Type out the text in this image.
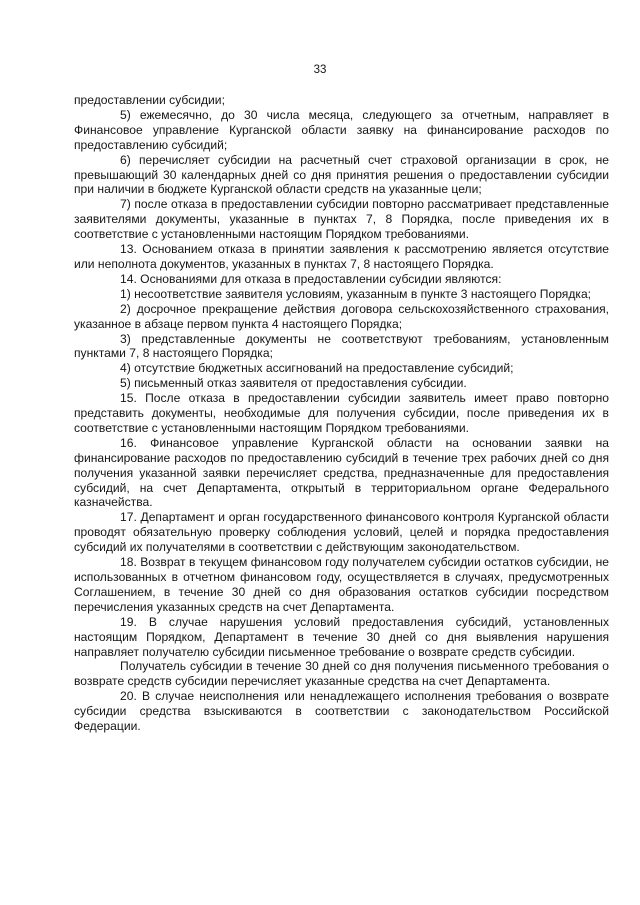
33

предоставлении субсидии;

5) ежемесячно, до 30 числа месяца, следующего за отчетным, направляет в Финансовое управление Курганской области заявку на финансирование расходов по предоставлению субсидий;

6) перечисляет субсидии на расчетный счет страховой организации в срок, не превышающий 30 календарных дней со дня принятия решения о предоставлении субсидии при наличии в бюджете Курганской области средств на указанные цели;

7) после отказа в предоставлении субсидии повторно рассматривает представленные заявителями документы, указанные в пунктах 7, 8 Порядка, после приведения их в соответствие с установленными настоящим Порядком требованиями.

13. Основанием отказа в принятии заявления к рассмотрению является отсутствие или неполнота документов, указанных в пунктах 7, 8 настоящего Порядка.

14. Основаниями для отказа в предоставлении субсидии являются:

1) несоответствие заявителя условиям, указанным в пункте 3 настоящего Порядка;

2) досрочное прекращение действия договора сельскохозяйственного страхования, указанное в абзаце первом пункта 4 настоящего Порядка;

3) представленные документы не соответствуют требованиям, установленным пунктами 7, 8 настоящего Порядка;

4) отсутствие бюджетных ассигнований на предоставление субсидий;

5) письменный отказ заявителя от предоставления субсидии.

15. После отказа в предоставлении субсидии заявитель имеет право повторно представить документы, необходимые для получения субсидии, после приведения их в соответствие с установленными настоящим Порядком требованиями.

16. Финансовое управление Курганской области на основании заявки на финансирование расходов по предоставлению субсидий в течение трех рабочих дней со дня получения указанной заявки перечисляет средства, предназначенные для предоставления субсидий, на счет Департамента, открытый в территориальном органе Федерального казначейства.

17. Департамент и орган государственного финансового контроля Курганской области проводят обязательную проверку соблюдения условий, целей и порядка предоставления субсидий их получателями в соответствии с действующим законодательством.

18. Возврат в текущем финансовом году получателем субсидии остатков субсидии, не использованных в отчетном финансовом году, осуществляется в случаях, предусмотренных Соглашением, в течение 30 дней со дня образования остатков субсидии посредством перечисления указанных средств на счет Департамента.

19. В случае нарушения условий предоставления субсидий, установленных настоящим Порядком, Департамент в течение 30 дней со дня выявления нарушения направляет получателю субсидии письменное требование о возврате средств субсидии.

Получатель субсидии в течение 30 дней со дня получения письменного требования о возврате средств субсидии перечисляет указанные средства на счет Департамента.

20. В случае неисполнения или ненадлежащего исполнения требования о возврате субсидии средства взыскиваются в соответствии с законодательством Российской Федерации.
